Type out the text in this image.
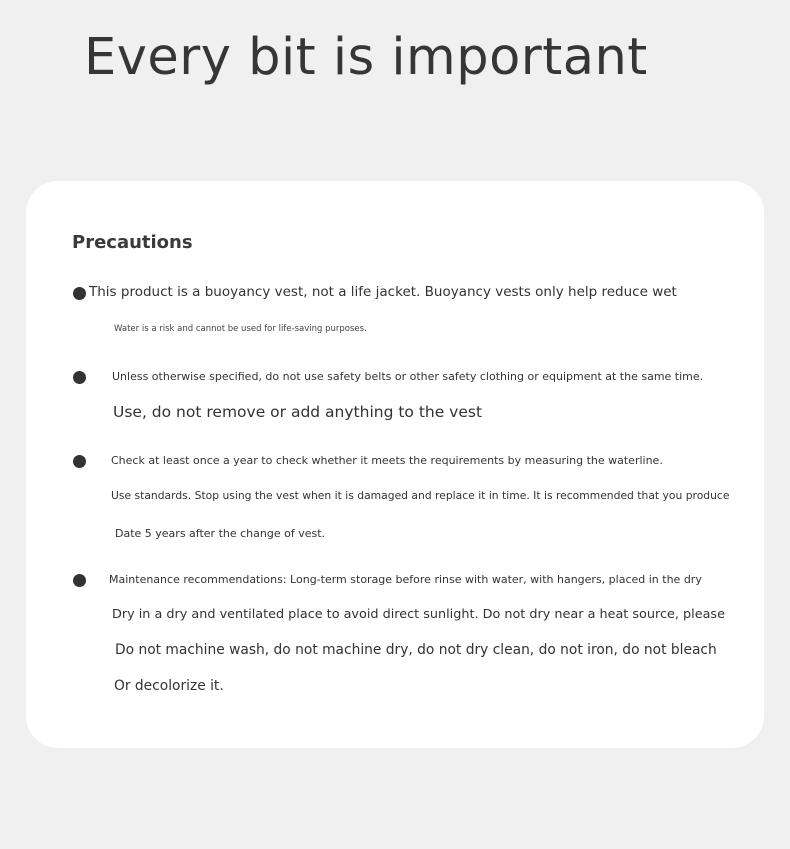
Every bit is important
Precautions
This product is a buoyancy vest, not a life jacket. Buoyancy vests only help reduce wet
Water is a risk and cannot be used for life-saving purposes.
Unless otherwise specified, do not use safety belts or other safety clothing or equipment at the same time.
Use, do not remove or add anything to the vest
Check at least once a year to check whether it meets the requirements by measuring the waterline.
Use standards. Stop using the vest when it is damaged and replace it in time. It is recommended that you produce
Date 5 years after the change of vest.
Maintenance recommendations: Long-term storage before rinse with water, with hangers, placed in the dry
Dry in a dry and ventilated place to avoid direct sunlight. Do not dry near a heat source, please
Do not machine wash, do not machine dry, do not dry clean, do not iron, do not bleach
Or decolorize it.
